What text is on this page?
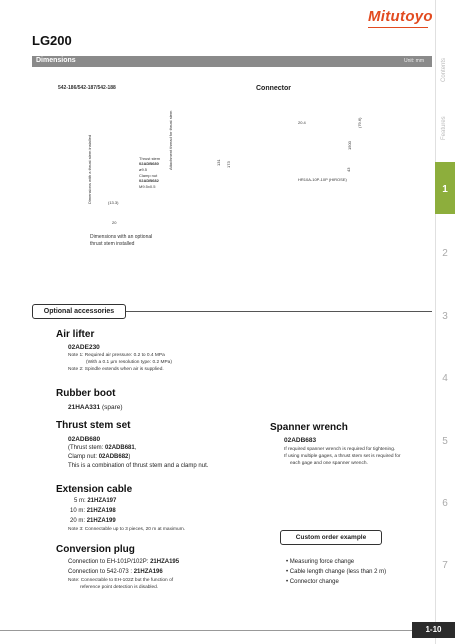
Mitutoyo
LG200
Dimensions	Unit: mm	Contents
Features
1
2
3
4
5
6
7
542-186/542-187/542-188
Thrust stem
02ADB680
ø9.5
Clamp nut
02ADB682
M9.5x0.5
(13.3)
20
Dimensions with a thrust stem installed	Attachment thread for thrust stem	131 173
Connector
20.4	(79.6)
1500
43
HR10A-10P-10P (HIROSE)
Dimensions with an optional
thrust stem installed
Optional accessories
Air lifter
02ADE230
Note 1: Required air pressure: 0.2 to 0.4 MPa
(With a 0.1 µm resolution type: 0.2 MPa)
Note 2: Spindle extends when air is supplied.
Rubber boot
21HAA331 (spare)
Thrust stem set
02ADB680
(Thrust stem: 02ADB681,
Clamp nut: 02ADB682)
This is a combination of thrust stem and a clamp nut.
Spanner wrench
02ADB683
If required spanner wrench is required for tightening.
If using multiple gages, a thrust stem set is required for
each gage and one spanner wrench.
Extension cable
5 m: 21HZA197
10 m: 21HZA198
20 m: 21HZA199
Note 3: Connectable up to 3 pieces, 20 m at maximum.
Conversion plug
Connection to EH-101P/102P: 21HZA195
Connection to 542-073 : 21HZA196
Note: Connectable to EH-102Z but the function of
reference point detection is disabled.
Custom order example
• Measuring force change
• Cable length change (less than 2 m)
• Connector change
1-10
